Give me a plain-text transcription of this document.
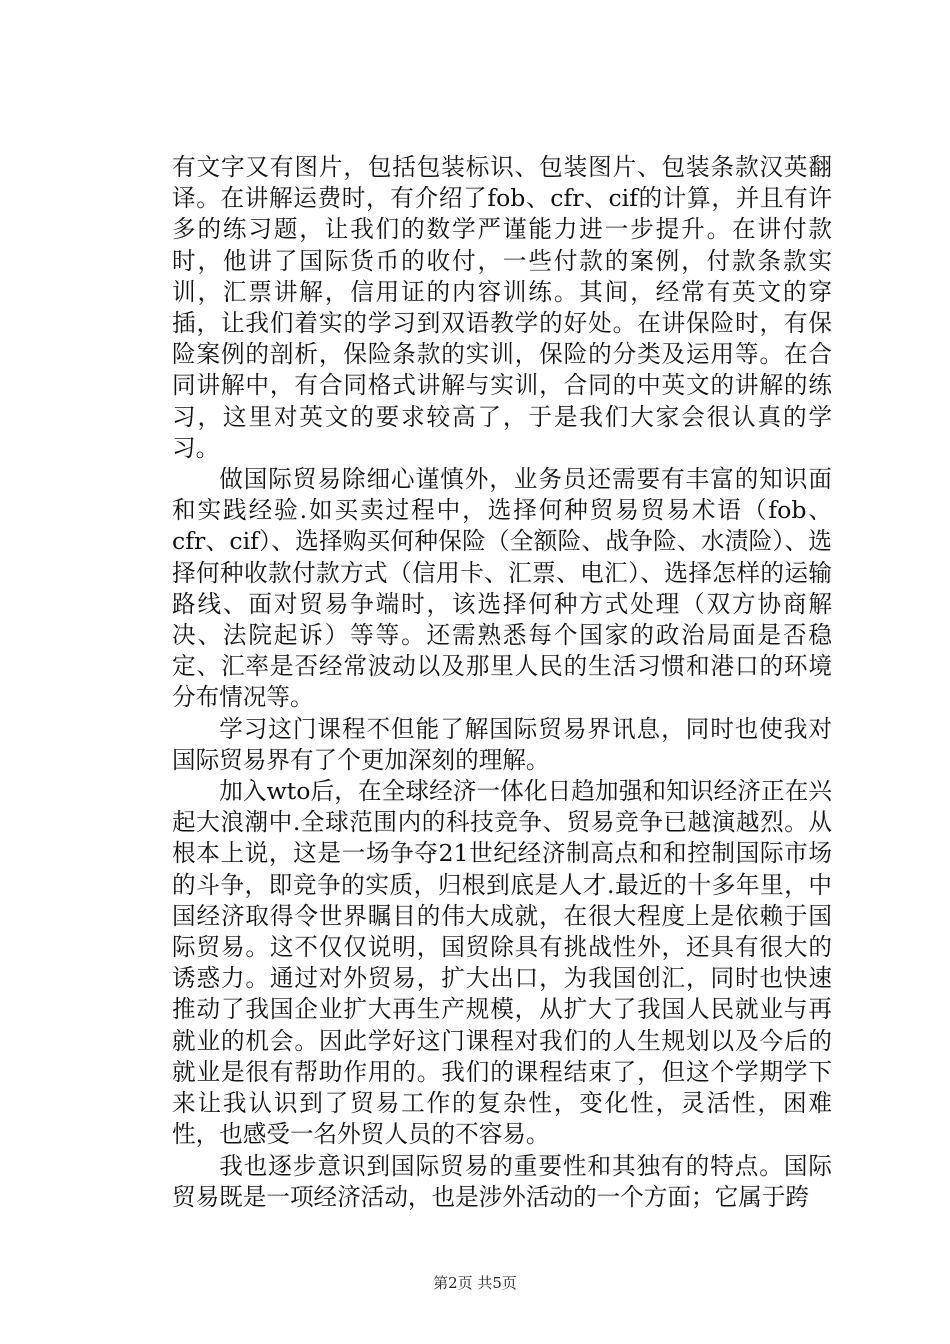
有文字又有图片，包括包装标识、包装图片、包装条款汉英翻译。在讲解运费时，有介绍了fob、cfr、cif的计算，并且有许多的练习题，让我们的数学严谨能力进一步提升。在讲付款时，他讲了国际货币的收付，一些付款的案例，付款条款实训，汇票讲解，信用证的内容训练。其间，经常有英文的穿插，让我们着实的学习到双语教学的好处。在讲保险时，有保险案例的剖析，保险条款的实训，保险的分类及运用等。在合同讲解中，有合同格式讲解与实训，合同的中英文的讲解的练习，这里对英文的要求较高了，于是我们大家会很认真的学习。

做国际贸易除细心谨慎外，业务员还需要有丰富的知识面和实践经验.如买卖过程中，选择何种贸易贸易术语（fob、cfr、cif）、选择购买何种保险（全额险、战争险、水渍险）、选择何种收款付款方式（信用卡、汇票、电汇）、选择怎样的运输路线、面对贸易争端时，该选择何种方式处理（双方协商解决、法院起诉）等等。还需熟悉每个国家的政治局面是否稳定、汇率是否经常波动以及那里人民的生活习惯和港口的环境分布情况等。

学习这门课程不但能了解国际贸易界讯息，同时也使我对国际贸易界有了个更加深刻的理解。

加入wto后，在全球经济一体化日趋加强和知识经济正在兴起大浪潮中.全球范围内的科技竞争、贸易竞争已越演越烈。从根本上说，这是一场争夺21世纪经济制高点和和控制国际市场的斗争，即竞争的实质，归根到底是人才.最近的十多年里，中国经济取得令世界瞩目的伟大成就，在很大程度上是依赖于国际贸易。这不仅仅说明，国贸除具有挑战性外，还具有很大的诱惑力。通过对外贸易，扩大出口，为我国创汇，同时也快速推动了我国企业扩大再生产规模，从扩大了我国人民就业与再就业的机会。因此学好这门课程对我们的人生规划以及今后的就业是很有帮助作用的。我们的课程结束了，但这个学期学下来让我认识到了贸易工作的复杂性，变化性，灵活性，困难性，也感受一名外贸人员的不容易。

我也逐步意识到国际贸易的重要性和其独有的特点。国际贸易既是一项经济活动，也是涉外活动的一个方面；它属于跨

第2页 共5页
